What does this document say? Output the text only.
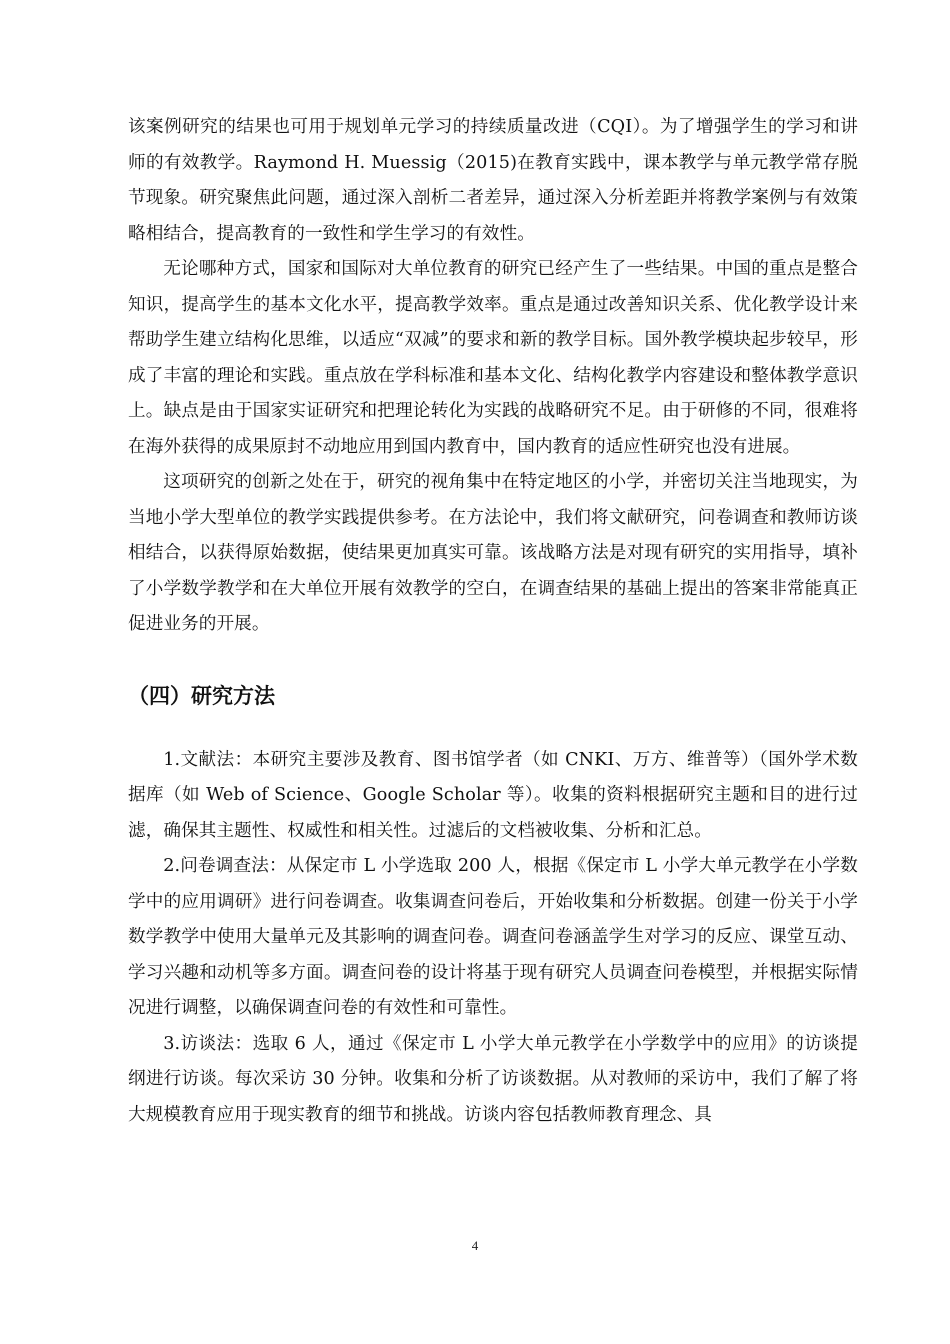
该案例研究的结果也可用于规划单元学习的持续质量改进（CQI）。为了增强学生的学习和讲师的有效教学。Raymond H. Muessig（2015)在教育实践中，课本教学与单元教学常存脱节现象。研究聚焦此问题，通过深入剖析二者差异，通过深入分析差距并将教学案例与有效策略相结合，提高教育的一致性和学生学习的有效性。

无论哪种方式，国家和国际对大单位教育的研究已经产生了一些结果。中国的重点是整合知识，提高学生的基本文化水平，提高教学效率。重点是通过改善知识关系、优化教学设计来帮助学生建立结构化思维，以适应“双减”的要求和新的教学目标。国外教学模块起步较早，形成了丰富的理论和实践。重点放在学科标准和基本文化、结构化教学内容建设和整体教学意识上。缺点是由于国家实证研究和把理论转化为实践的战略研究不足。由于研修的不同，很难将在海外获得的成果原封不动地应用到国内教育中，国内教育的适应性研究也没有进展。

这项研究的创新之处在于，研究的视角集中在特定地区的小学，并密切关注当地现实，为当地小学大型单位的教学实践提供参考。在方法论中，我们将文献研究，问卷调查和教师访谈相结合，以获得原始数据，使结果更加真实可靠。该战略方法是对现有研究的实用指导，填补了小学数学教学和在大单位开展有效教学的空白，在调查结果的基础上提出的答案非常能真正促进业务的开展。

（四）研究方法

1.文献法：本研究主要涉及教育、图书馆学者（如 CNKI、万方、维普等）（国外学术数据库（如 Web of Science、Google Scholar 等）。收集的资料根据研究主题和目的进行过滤，确保其主题性、权威性和相关性。过滤后的文档被收集、分析和汇总。

2.问卷调查法：从保定市 L 小学选取 200 人，根据《保定市 L 小学大单元教学在小学数学中的应用调研》进行问卷调查。收集调查问卷后，开始收集和分析数据。创建一份关于小学数学教学中使用大量单元及其影响的调查问卷。调查问卷涵盖学生对学习的反应、课堂互动、学习兴趣和动机等多方面。调查问卷的设计将基于现有研究人员调查问卷模型，并根据实际情况进行调整，以确保调查问卷的有效性和可靠性。

3.访谈法：选取 6 人，通过《保定市 L 小学大单元教学在小学数学中的应用》的访谈提纲进行访谈。每次采访 30 分钟。收集和分析了访谈数据。从对教师的采访中，我们了解了将大规模教育应用于现实教育的细节和挑战。访谈内容包括教师教育理念、具

4
